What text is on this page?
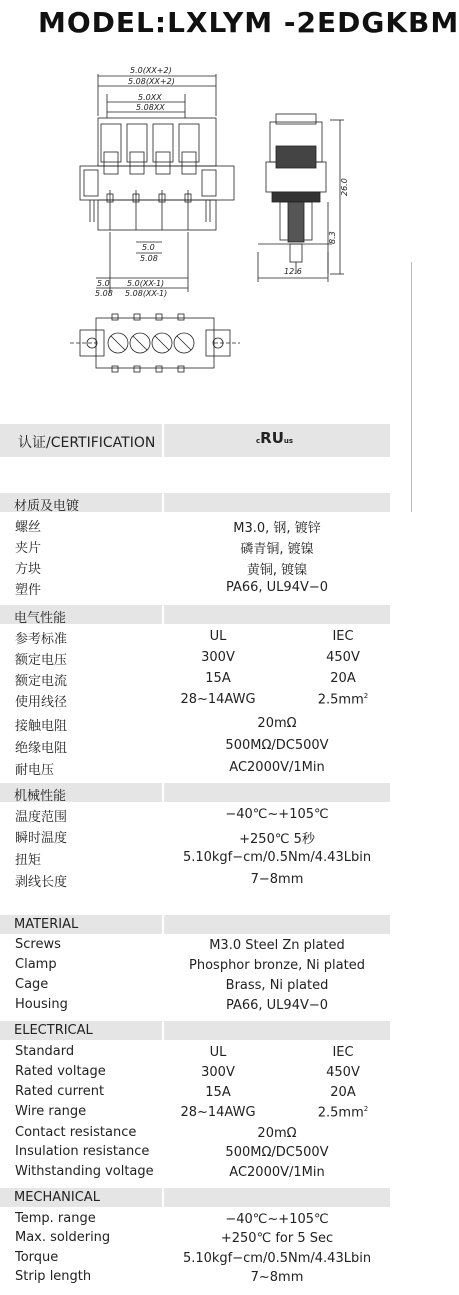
MODEL:LXLYM -2EDGKBM
5.0(XX+2)
5.08(XX+2)
5.0XX
5.08XX
5.0
5.08
5.0
5.08
5.0(XX-1)
5.08(XX-1)
26.0
8.3
12.6
认证/CERTIFICATION	cRUus
材质及电镀
螺丝	M3.0, 钢, 镀锌
夹片	磷青铜, 镀镍
方块	黄铜, 镀镍
塑件	PA66, UL94V−0
电气性能
参考标准	UL	IEC
额定电压	300V	450V
额定电流	15A	20A
使用线径	28~14AWG	$2.5mm^2$
接触电阻	20mΩ
绝缘电阻	500MΩ/DC500V
耐电压	AC2000V/1Min
机械性能
温度范围	−40℃~+105℃
瞬时温度	+250℃ 5秒
扭矩	5.10kgf−cm/0.5Nm/4.43Lbin
剥线长度	7−8mm
MATERIAL
Screws	M3.0 Steel Zn plated
Clamp	Phosphor bronze, Ni plated
Cage	Brass, Ni plated
Housing	PA66, UL94V−0
ELECTRICAL
Standard	UL	IEC
Rated voltage	300V	450V
Rated current	15A	20A
Wire range	28~14AWG	$2.5mm^2$
Contact resistance	20mΩ
Insulation resistance	500MΩ/DC500V
Withstanding voltage	AC2000V/1Min
MECHANICAL
Temp. range	−40℃~+105℃
Max. soldering	+250℃ for 5 Sec
Torque	5.10kgf−cm/0.5Nm/4.43Lbin
Strip length	7~8mm
